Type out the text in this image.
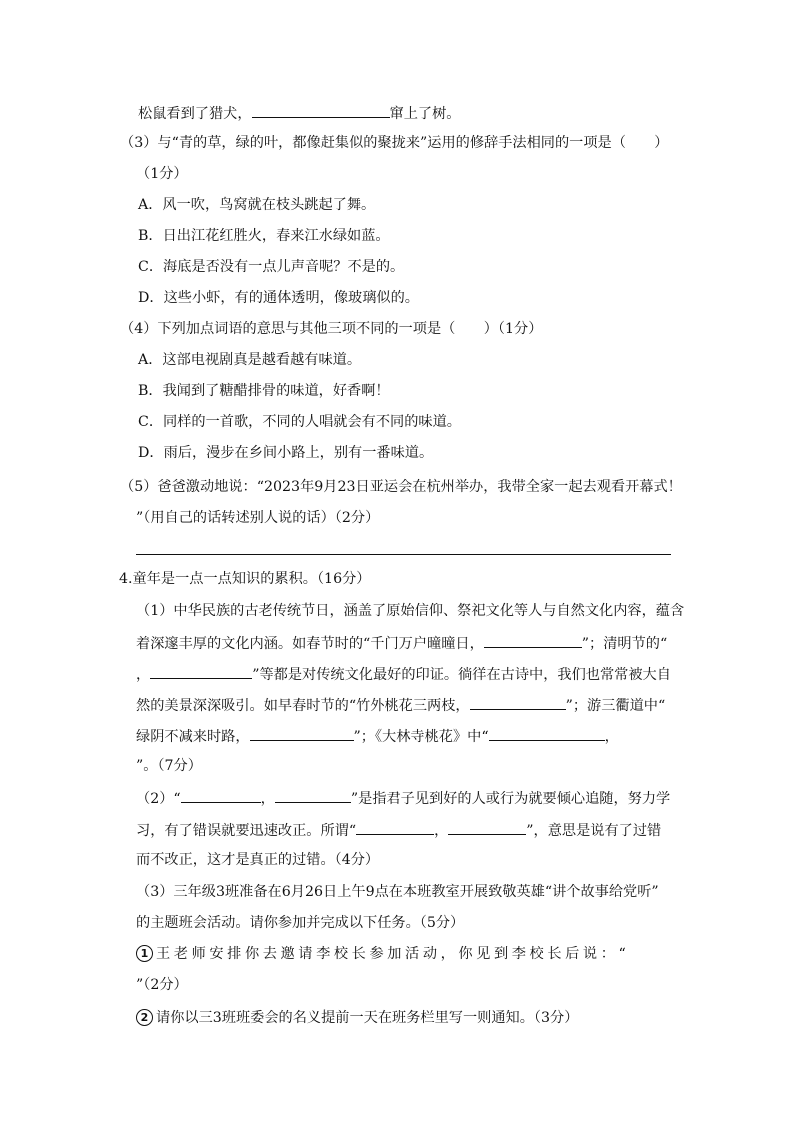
松鼠看到了猎犬，	窜上了树。
（3）与“青的草，绿的叶，都像赶集似的聚拢来”运用的修辞手法相同的一项是（　　）
（1分）
A．风一吹，鸟窝就在枝头跳起了舞。
B．日出江花红胜火，春来江水绿如蓝。
C．海底是否没有一点儿声音呢？不是的。
D．这些小虾，有的通体透明，像玻璃似的。
（4）下列加点词语的意思与其他三项不同的一项是（　　）（1分）
A．这部电视剧真是越看越有味道。
B．我闻到了糖醋排骨的味道，好香啊！
C．同样的一首歌，不同的人唱就会有不同的味道。
D．雨后，漫步在乡间小路上，别有一番味道。
（5）爸爸激动地说：“2023年9月23日亚运会在杭州举办，我带全家一起去观看开幕式！
”（用自己的话转述别人说的话）（2分）
4.童年是一点一点知识的累积。（16分）
（1）中华民族的古老传统节日，涵盖了原始信仰、祭祀文化等人与自然文化内容，蕴含
着深邃丰厚的文化内涵。如春节时的“千门万户曈曈日，	”；清明节的“
，	”等都是对传统文化最好的印证。徜徉在古诗中，我们也常常被大自
然的美景深深吸引。如早春时节的“竹外桃花三两枝，	”；游三衢道中“
绿阴不减来时路，	”；《大林寺桃花》中“	，
”。（7分）
（2）“	，	”是指君子见到好的人或行为就要倾心追随，努力学
习，有了错误就要迅速改正。所谓“	，	”，意思是说有了过错
而不改正，这才是真正的过错。（4分）
（3）三年级3班准备在6月26日上午9点在本班教室开展致敬英雄“讲个故事给党听”
的主题班会活动。请你参加并完成以下任务。（5分）
1 王老师安排你去邀请李校长参加活动，你见到李校长后说：“
”（2分）
2 请你以三3班班委会的名义提前一天在班务栏里写一则通知。（3分）
